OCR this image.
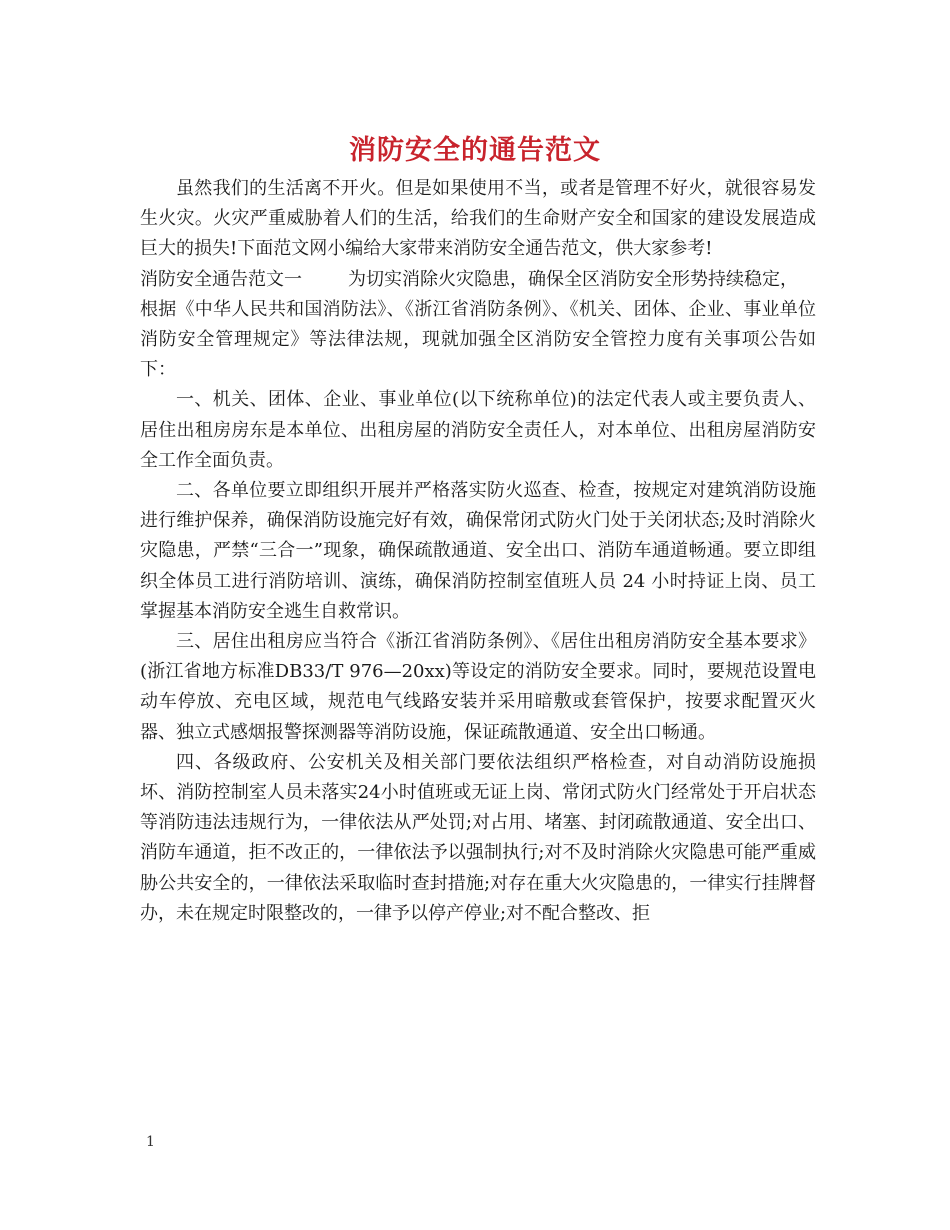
消防安全的通告范文

虽然我们的生活离不开火。但是如果使用不当，或者是管理不好火，就很容易发生火灾。火灾严重威胁着人们的生活，给我们的生命财产安全和国家的建设发展造成巨大的损失!下面范文网小编给大家带来消防安全通告范文，供大家参考!

消防安全通告范文一	为切实消除火灾隐患，确保全区消防安全形势持续稳定，

根据《中华人民共和国消防法》、《浙江省消防条例》、《机关、团体、企业、事业单位消防安全管理规定》等法律法规，现就加强全区消防安全管控力度有关事项公告如下：

一、机关、团体、企业、事业单位(以下统称单位)的法定代表人或主要负责人、居住出租房房东是本单位、出租房屋的消防安全责任人，对本单位、出租房屋消防安全工作全面负责。

二、各单位要立即组织开展并严格落实防火巡查、检查，按规定对建筑消防设施进行维护保养，确保消防设施完好有效，确保常闭式防火门处于关闭状态;及时消除火灾隐患，严禁“三合一”现象，确保疏散通道、安全出口、消防车通道畅通。要立即组织全体员工进行消防培训、演练，确保消防控制室值班人员 24 小时持证上岗、员工掌握基本消防安全逃生自救常识。

三、居住出租房应当符合《浙江省消防条例》、《居住出租房消防安全基本要求》(浙江省地方标准DB33/T 976—20xx)等设定的消防安全要求。同时，要规范设置电动车停放、充电区域，规范电气线路安装并采用暗敷或套管保护，按要求配置灭火器、独立式感烟报警探测器等消防设施，保证疏散通道、安全出口畅通。

四、各级政府、公安机关及相关部门要依法组织严格检查，对自动消防设施损坏、消防控制室人员未落实24小时值班或无证上岗、常闭式防火门经常处于开启状态等消防违法违规行为，一律依法从严处罚;对占用、堵塞、封闭疏散通道、安全出口、消防车通道，拒不改正的，一律依法予以强制执行;对不及时消除火灾隐患可能严重威胁公共安全的，一律依法采取临时查封措施;对存在重大火灾隐患的，一律实行挂牌督办，未在规定时限整改的，一律予以停产停业;对不配合整改、拒

1
